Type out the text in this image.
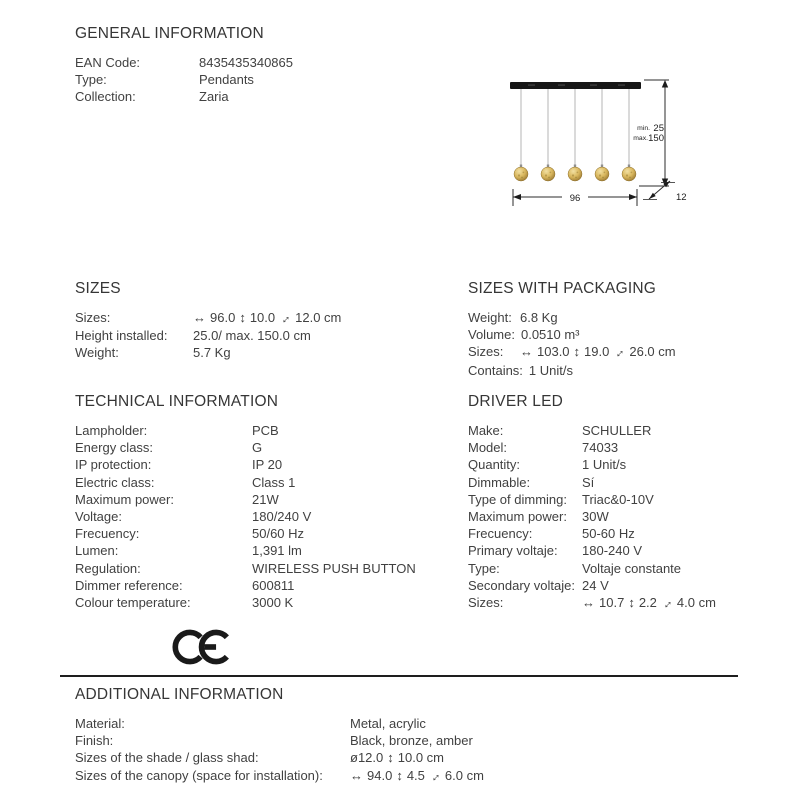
GENERAL INFORMATION
EAN Code:	8435435340865
Type:	Pendants
Collection:	Zaria
min. 25
max. 150
96	12
SIZES
Sizes:	↔ 96.0 ↕ 10.0↔12.0 cm
Height installed:	25.0/ max. 150.0 cm
Weight:	5.7 Kg
SIZES WITH PACKAGING
Weight: 6.8 Kg
Volume: 0.0510 m³
Sizes:	↔ 103.0 ↕ 19.0↔26.0 cm
Contains: 1 Unit/s
TECHNICAL INFORMATION
Lampholder:	PCB
Energy class:	G
IP protection:	IP 20
Electric class:	Class 1
Maximum power:	21W
Voltage:	180/240 V
Frecuency:	50/60 Hz
Lumen:	1,391 lm
Regulation:	WIRELESS PUSH BUTTON
Dimmer reference:	600811
Colour temperature:	3000 K
DRIVER LED
Make:	SCHULLER
Model:	74033
Quantity:	1 Unit/s
Dimmable:	Sí
Type of dimming:	Triac&0-10V
Maximum power:	30W
Frecuency:	50-60 Hz
Primary voltaje:	180-240 V
Type:	Voltaje constante
Secondary voltaje: 24 V
Sizes:	↔ 10.7 ↕ 2.2↔4.0 cm
ADDITIONAL INFORMATION
Material:	Metal, acrylic
Finish:	Black, bronze, amber
Sizes of the shade / glass shad:	ø12.0 ↕ 10.0 cm
Sizes of the canopy (space for installation):	↔ 94.0 ↕ 4.5↔6.0 cm
